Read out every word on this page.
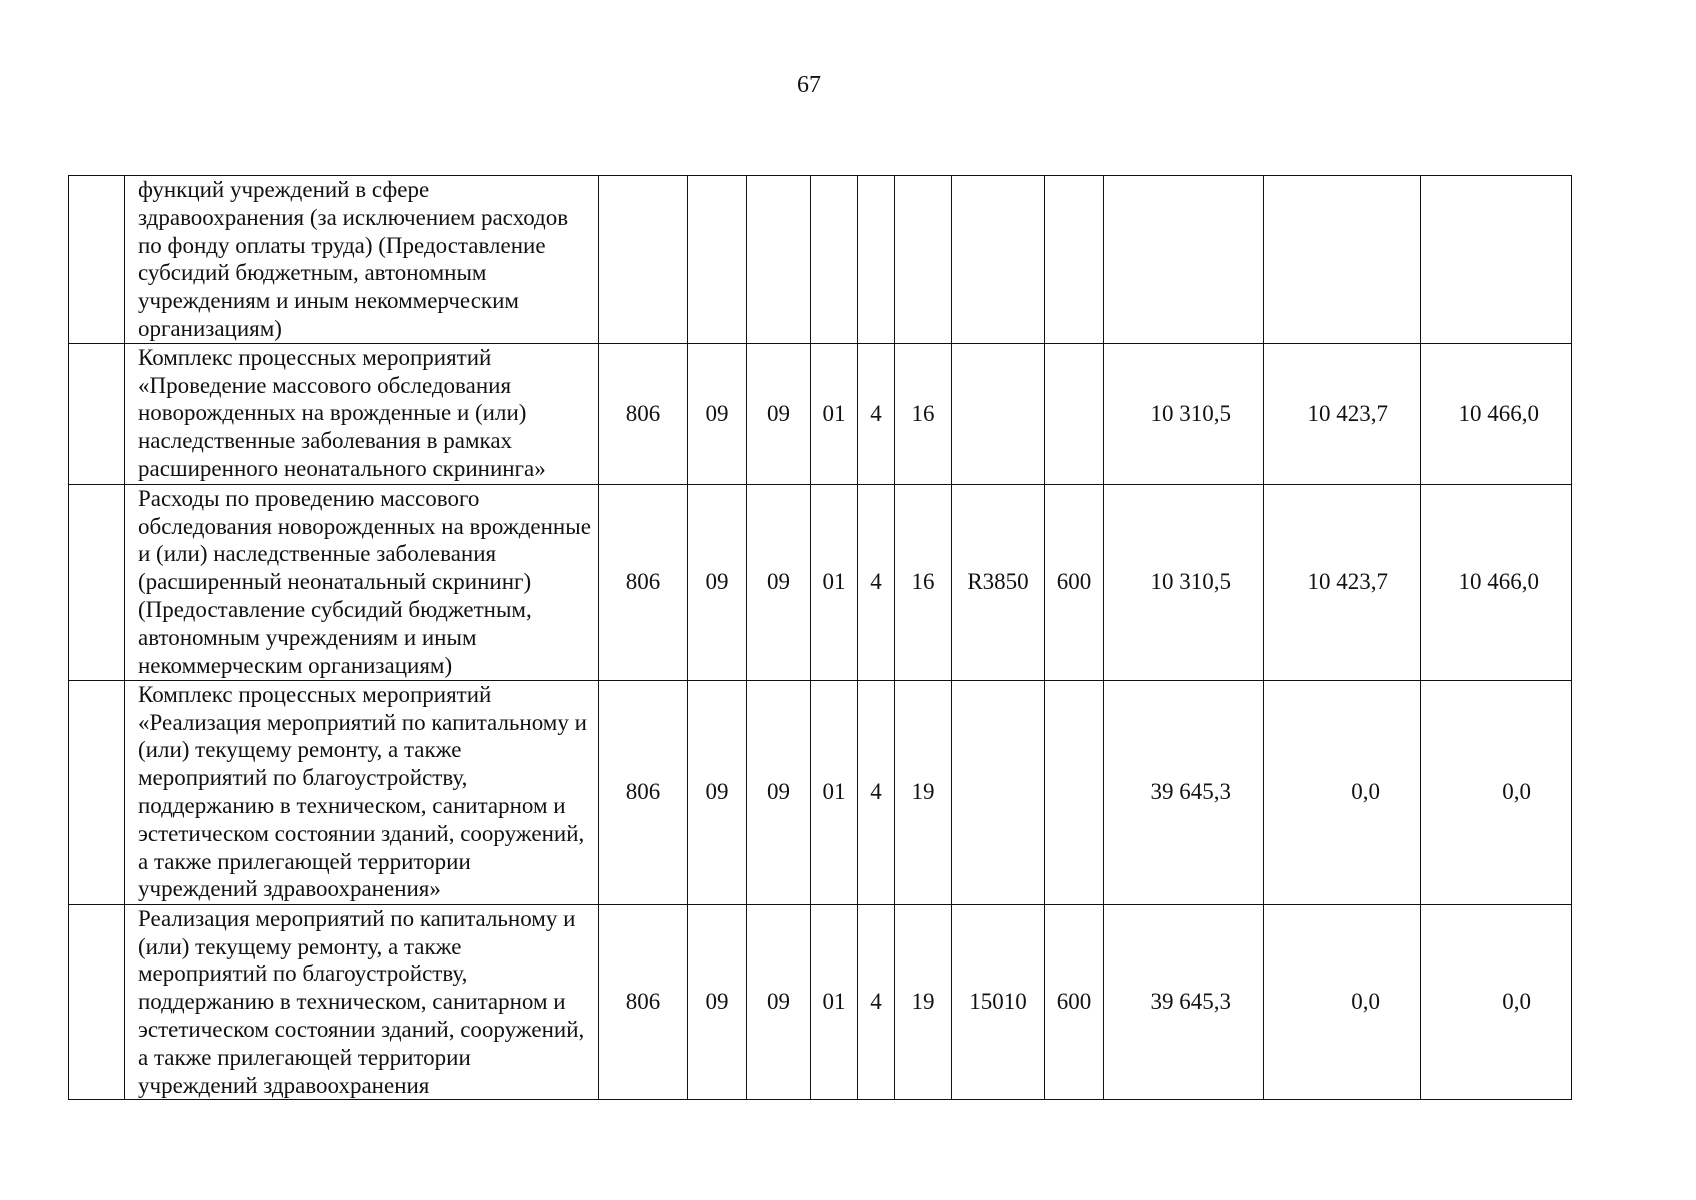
67
	функций учреждений в сфере здравоохранения (за исключением расходов по фонду оплаты труда) (Предоставление субсидий бюджетным, автономным учреждениям и иным некоммерческим организациям)											
	Комплекс процессных мероприятий «Проведение массового обследования новорожденных на врожденные и (или) наследственные заболевания в рамках расширенного неонатального скрининга»	806	09	09	01	4	16			10 310,5	10 423,7	10 466,0
	Расходы по проведению массового обследования новорожденных на врожденные и (или) наследственные заболевания (расширенный неонатальный скрининг) (Предоставление субсидий бюджетным, автономным учреждениям и иным некоммерческим организациям)	806	09	09	01	4	16	R3850	600	10 310,5	10 423,7	10 466,0
	Комплекс процессных мероприятий «Реализация мероприятий по капитальному и (или) текущему ремонту, а также мероприятий по благоустройству, поддержанию в техническом, санитарном и эстетическом состоянии зданий, сооружений, а также прилегающей территории учреждений здравоохранения»	806	09	09	01	4	19			39 645,3	0,0	0,0
	Реализация мероприятий по капитальному и (или) текущему ремонту, а также мероприятий по благоустройству, поддержанию в техническом, санитарном и эстетическом состоянии зданий, сооружений, а также прилегающей территории учреждений здравоохранения	806	09	09	01	4	19	15010	600	39 645,3	0,0	0,0
